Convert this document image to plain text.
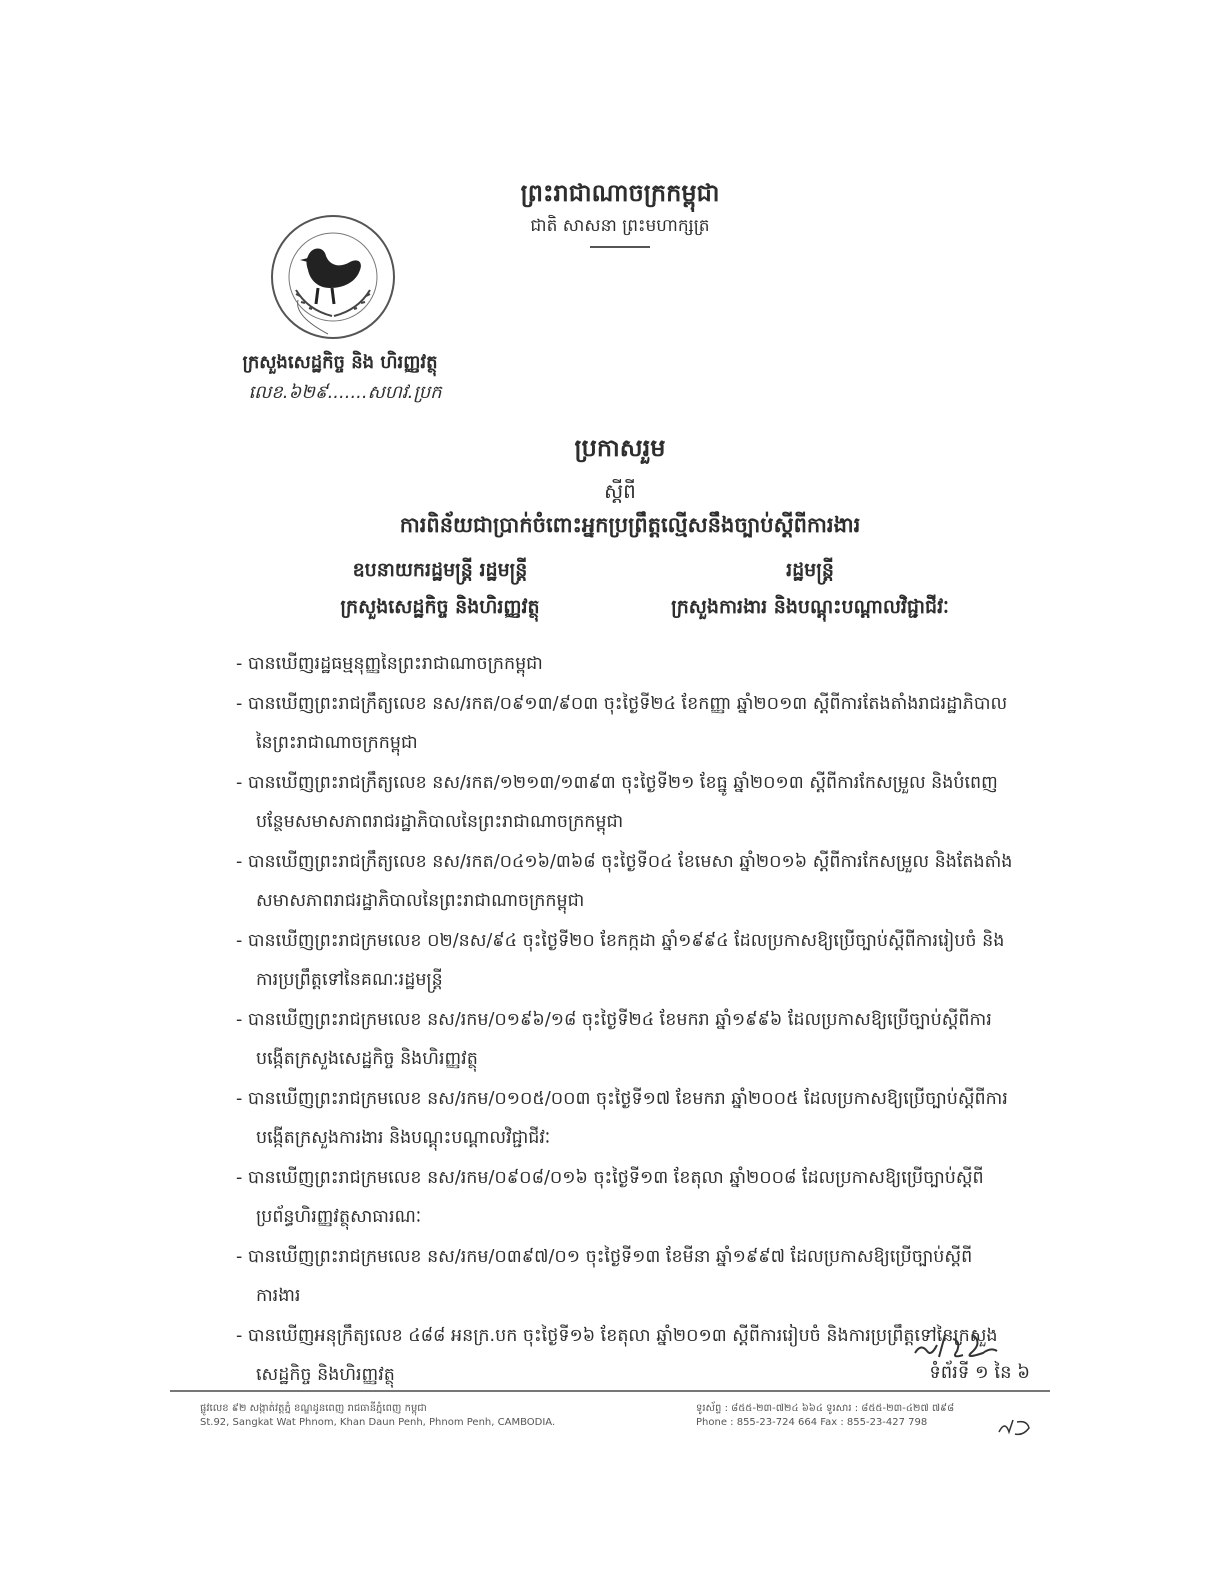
ព្រះរាជាណាចក្រកម្ពុជា
ជាតិ សាសនា ព្រះមហាក្សត្រ
ក្រសួងសេដ្ឋកិច្ច និង ហិរញ្ញវត្ថុ
លេខ.៦២៩.......សហវ.ប្រក
ប្រកាសរួម
ស្តីពី
ការពិន័យជាប្រាក់ចំពោះអ្នកប្រព្រឹត្តល្មើសនឹងច្បាប់ស្តីពីការងារ
ឧបនាយករដ្ឋមន្ត្រី រដ្ឋមន្ត្រី
ក្រសួងសេដ្ឋកិច្ច និងហិរញ្ញវត្ថុ
រដ្ឋមន្ត្រី
ក្រសួងការងារ និងបណ្តុះបណ្តាលវិជ្ជាជីវៈ
- បានឃើញរដ្ឋធម្មនុញ្ញនៃព្រះរាជាណាចក្រកម្ពុជា
- បានឃើញព្រះរាជក្រឹត្យលេខ នស/រកត/០៩១៣/៩០៣ ចុះថ្ងៃទី២៤ ខែកញ្ញា ឆ្នាំ២០១៣ ស្តីពីការតែងតាំងរាជរដ្ឋាភិបាលនៃព្រះរាជាណាចក្រកម្ពុជា
- បានឃើញព្រះរាជក្រឹត្យលេខ នស/រកត/១២១៣/១៣៩៣ ចុះថ្ងៃទី២១ ខែធ្នូ ឆ្នាំ២០១៣ ស្តីពីការកែសម្រួល និងបំពេញបន្ថែមសមាសភាពរាជរដ្ឋាភិបាលនៃព្រះរាជាណាចក្រកម្ពុជា
- បានឃើញព្រះរាជក្រឹត្យលេខ នស/រកត/០៤១៦/៣៦៨ ចុះថ្ងៃទី០៤ ខែមេសា ឆ្នាំ២០១៦ ស្តីពីការកែសម្រួល និងតែងតាំងសមាសភាពរាជរដ្ឋាភិបាលនៃព្រះរាជាណាចក្រកម្ពុជា
- បានឃើញព្រះរាជក្រមលេខ ០២/នស/៩៤ ចុះថ្ងៃទី២០ ខែកក្កដា ឆ្នាំ១៩៩៤ ដែលប្រកាសឱ្យប្រើច្បាប់ស្តីពីការរៀបចំ និងការប្រព្រឹត្តទៅនៃគណៈរដ្ឋមន្ត្រី
- បានឃើញព្រះរាជក្រមលេខ នស/រកម/០១៩៦/១៨ ចុះថ្ងៃទី២៤ ខែមករា ឆ្នាំ១៩៩៦ ដែលប្រកាសឱ្យប្រើច្បាប់ស្តីពីការបង្កើតក្រសួងសេដ្ឋកិច្ច និងហិរញ្ញវត្ថុ
- បានឃើញព្រះរាជក្រមលេខ នស/រកម/០១០៥/០០៣ ចុះថ្ងៃទី១៧ ខែមករា ឆ្នាំ២០០៥ ដែលប្រកាសឱ្យប្រើច្បាប់ស្តីពីការបង្កើតក្រសួងការងារ និងបណ្តុះបណ្តាលវិជ្ជាជីវៈ
- បានឃើញព្រះរាជក្រមលេខ នស/រកម/០៩០៨/០១៦ ចុះថ្ងៃទី១៣ ខែតុលា ឆ្នាំ២០០៨ ដែលប្រកាសឱ្យប្រើច្បាប់ស្តីពីប្រព័ន្ធហិរញ្ញវត្ថុសាធារណៈ
- បានឃើញព្រះរាជក្រមលេខ នស/រកម/០៣៩៧/០១ ចុះថ្ងៃទី១៣ ខែមីនា ឆ្នាំ១៩៩៧ ដែលប្រកាសឱ្យប្រើច្បាប់ស្តីពីការងារ
- បានឃើញអនុក្រឹត្យលេខ ៤៨៨ អនក្រ.បក ចុះថ្ងៃទី១៦ ខែតុលា ឆ្នាំ២០១៣ ស្តីពីការរៀបចំ និងការប្រព្រឹត្តទៅនៃក្រសួងសេដ្ឋកិច្ច និងហិរញ្ញវត្ថុ	ទំព័រទី ១ នៃ ៦
ផ្លូវលេខ ៩២ សង្កាត់វត្តភ្នំ ខណ្ឌដូនពេញ រាជធានីភ្នំពេញ កម្ពុជា
St.92, Sangkat Wat Phnom, Khan Daun Penh, Phnom Penh, CAMBODIA.
ទូរស័ព្ទ : ៨៥៥-២៣-៧២៤ ៦៦៤ ទូរសារ : ៨៥៥-២៣-៤២៧ ៧៩៨
Phone : 855-23-724 664 Fax : 855-23-427 798
